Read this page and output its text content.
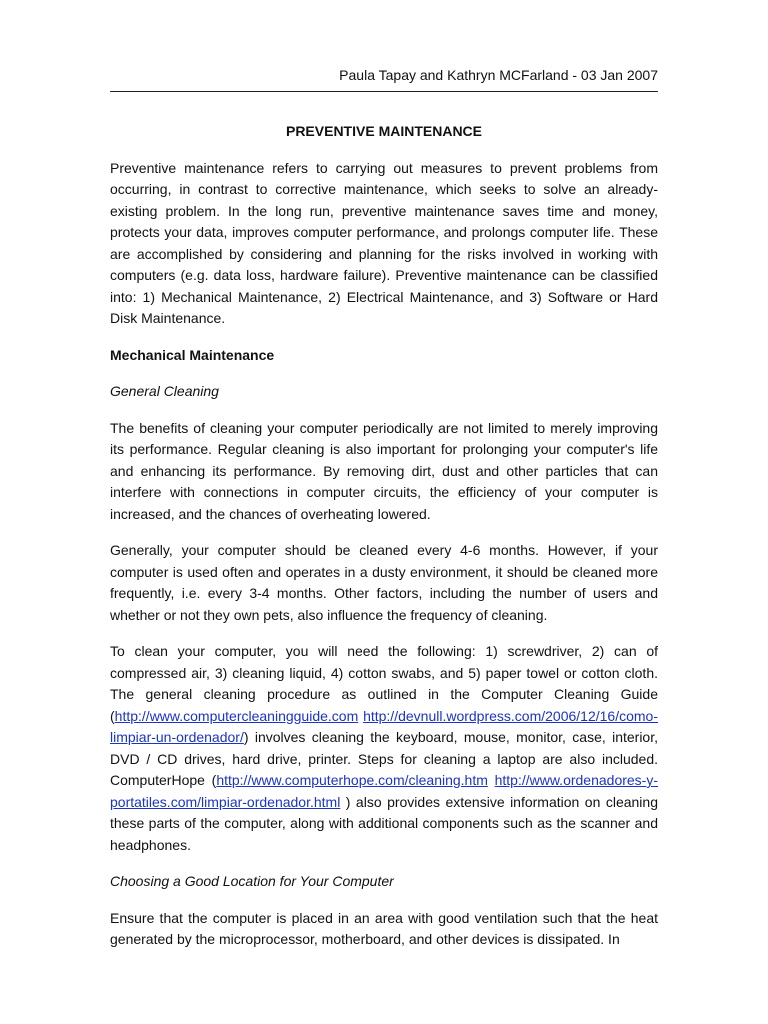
Paula Tapay and Kathryn MCFarland - 03 Jan 2007
PREVENTIVE MAINTENANCE

Preventive maintenance refers to carrying out measures to prevent problems from occurring, in contrast to corrective maintenance, which seeks to solve an already-existing problem. In the long run, preventive maintenance saves time and money, protects your data, improves computer performance, and prolongs computer life. These are accomplished by considering and planning for the risks involved in working with computers (e.g. data loss, hardware failure). Preventive maintenance can be classified into: 1) Mechanical Maintenance, 2) Electrical Maintenance, and 3) Software or Hard Disk Maintenance.

Mechanical Maintenance
General Cleaning

The benefits of cleaning your computer periodically are not limited to merely improving its performance. Regular cleaning is also important for prolonging your computer's life and enhancing its performance. By removing dirt, dust and other particles that can interfere with connections in computer circuits, the efficiency of your computer is increased, and the chances of overheating lowered.

Generally, your computer should be cleaned every 4-6 months. However, if your computer is used often and operates in a dusty environment, it should be cleaned more frequently, i.e. every 3-4 months. Other factors, including the number of users and whether or not they own pets, also influence the frequency of cleaning.

To clean your computer, you will need the following: 1) screwdriver, 2) can of compressed air, 3) cleaning liquid, 4) cotton swabs, and 5) paper towel or cotton cloth. The general cleaning procedure as outlined in the Computer Cleaning Guide (http://www.computercleaningguide.com http://devnull.wordpress.com/2006/12/16/como-limpiar-un-ordenador/) involves cleaning the keyboard, mouse, monitor, case, interior, DVD / CD drives, hard drive, printer. Steps for cleaning a laptop are also included. ComputerHope (http://www.computerhope.com/cleaning.htm http://www.ordenadores-y-portatiles.com/limpiar-ordenador.html ) also provides extensive information on cleaning these parts of the computer, along with additional components such as the scanner and headphones.

Choosing a Good Location for Your Computer

Ensure that the computer is placed in an area with good ventilation such that the heat generated by the microprocessor, motherboard, and other devices is dissipated. In
